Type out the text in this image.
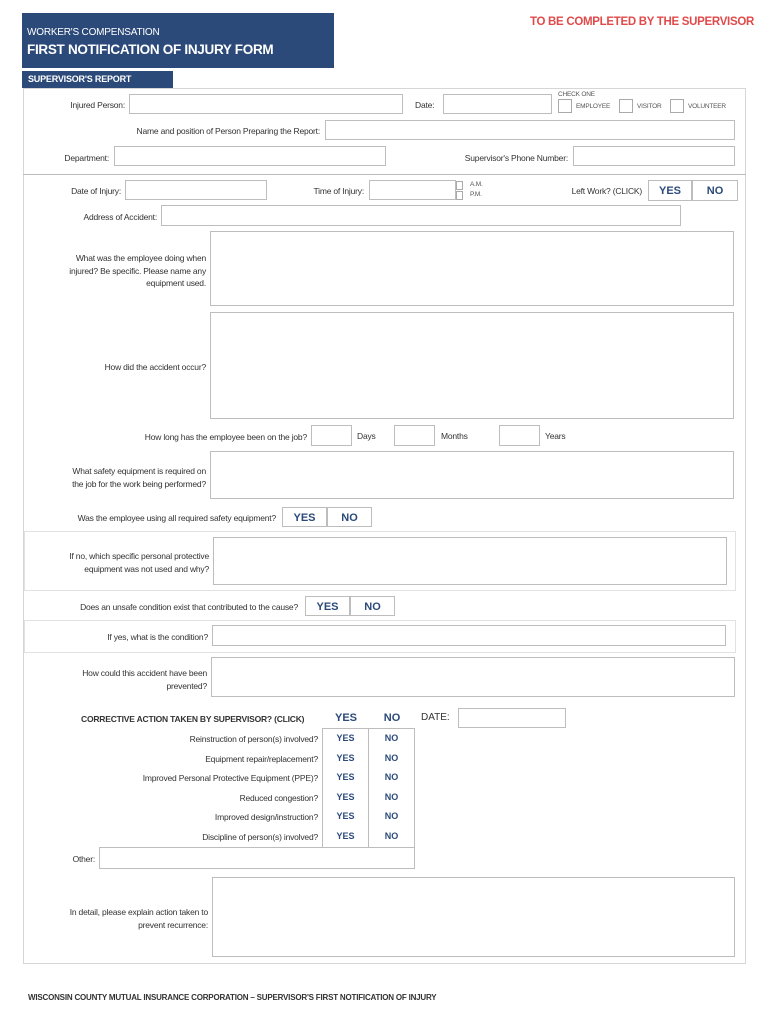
WORKER'S COMPENSATION
FIRST NOTIFICATION OF INJURY FORM
TO BE COMPLETED BY THE SUPERVISOR
SUPERVISOR'S REPORT
Injured Person:	Date:
CHECK ONE
EMPLOYEE	VISITOR	VOLUNTEER
Name and position of Person Preparing the Report:
Department:	Supervisor's Phone Number:
Date of Injury:	Time of Injury:
A.M.
P.M.	Left Work? (CLICK)	YES	NO
Address of Accident:
What was the employee doing when
injured? Be specific. Please name any
equipment used.
How did the accident occur?
How long has the employee been on the job?	Days	Months	Years
What safety equipment is required on
the job for the work being performed?
Was the employee using all required safety equipment?	YES	NO
If no, which specific personal protective
equipment was not used and why?
Does an unsafe condition exist that contributed to the cause?	YES	NO
If yes, what is the condition?
How could this accident have been
prevented?
CORRECTIVE ACTION TAKEN BY SUPERVISOR? (CLICK)	YES	NO	DATE:
Reinstruction of person(s) involved?	YES	NO
Equipment repair/replacement?	YES	NO
Improved Personal Protective Equipment (PPE)?	YES	NO
Reduced congestion?	YES	NO
Improved design/instruction?	YES	NO
Discipline of person(s) involved?	YES	NO
Other:
In detail, please explain action taken to
prevent recurrence:
WISCONSIN COUNTY MUTUAL INSURANCE CORPORATION – SUPERVISOR'S FIRST NOTIFICATION OF INJURY
